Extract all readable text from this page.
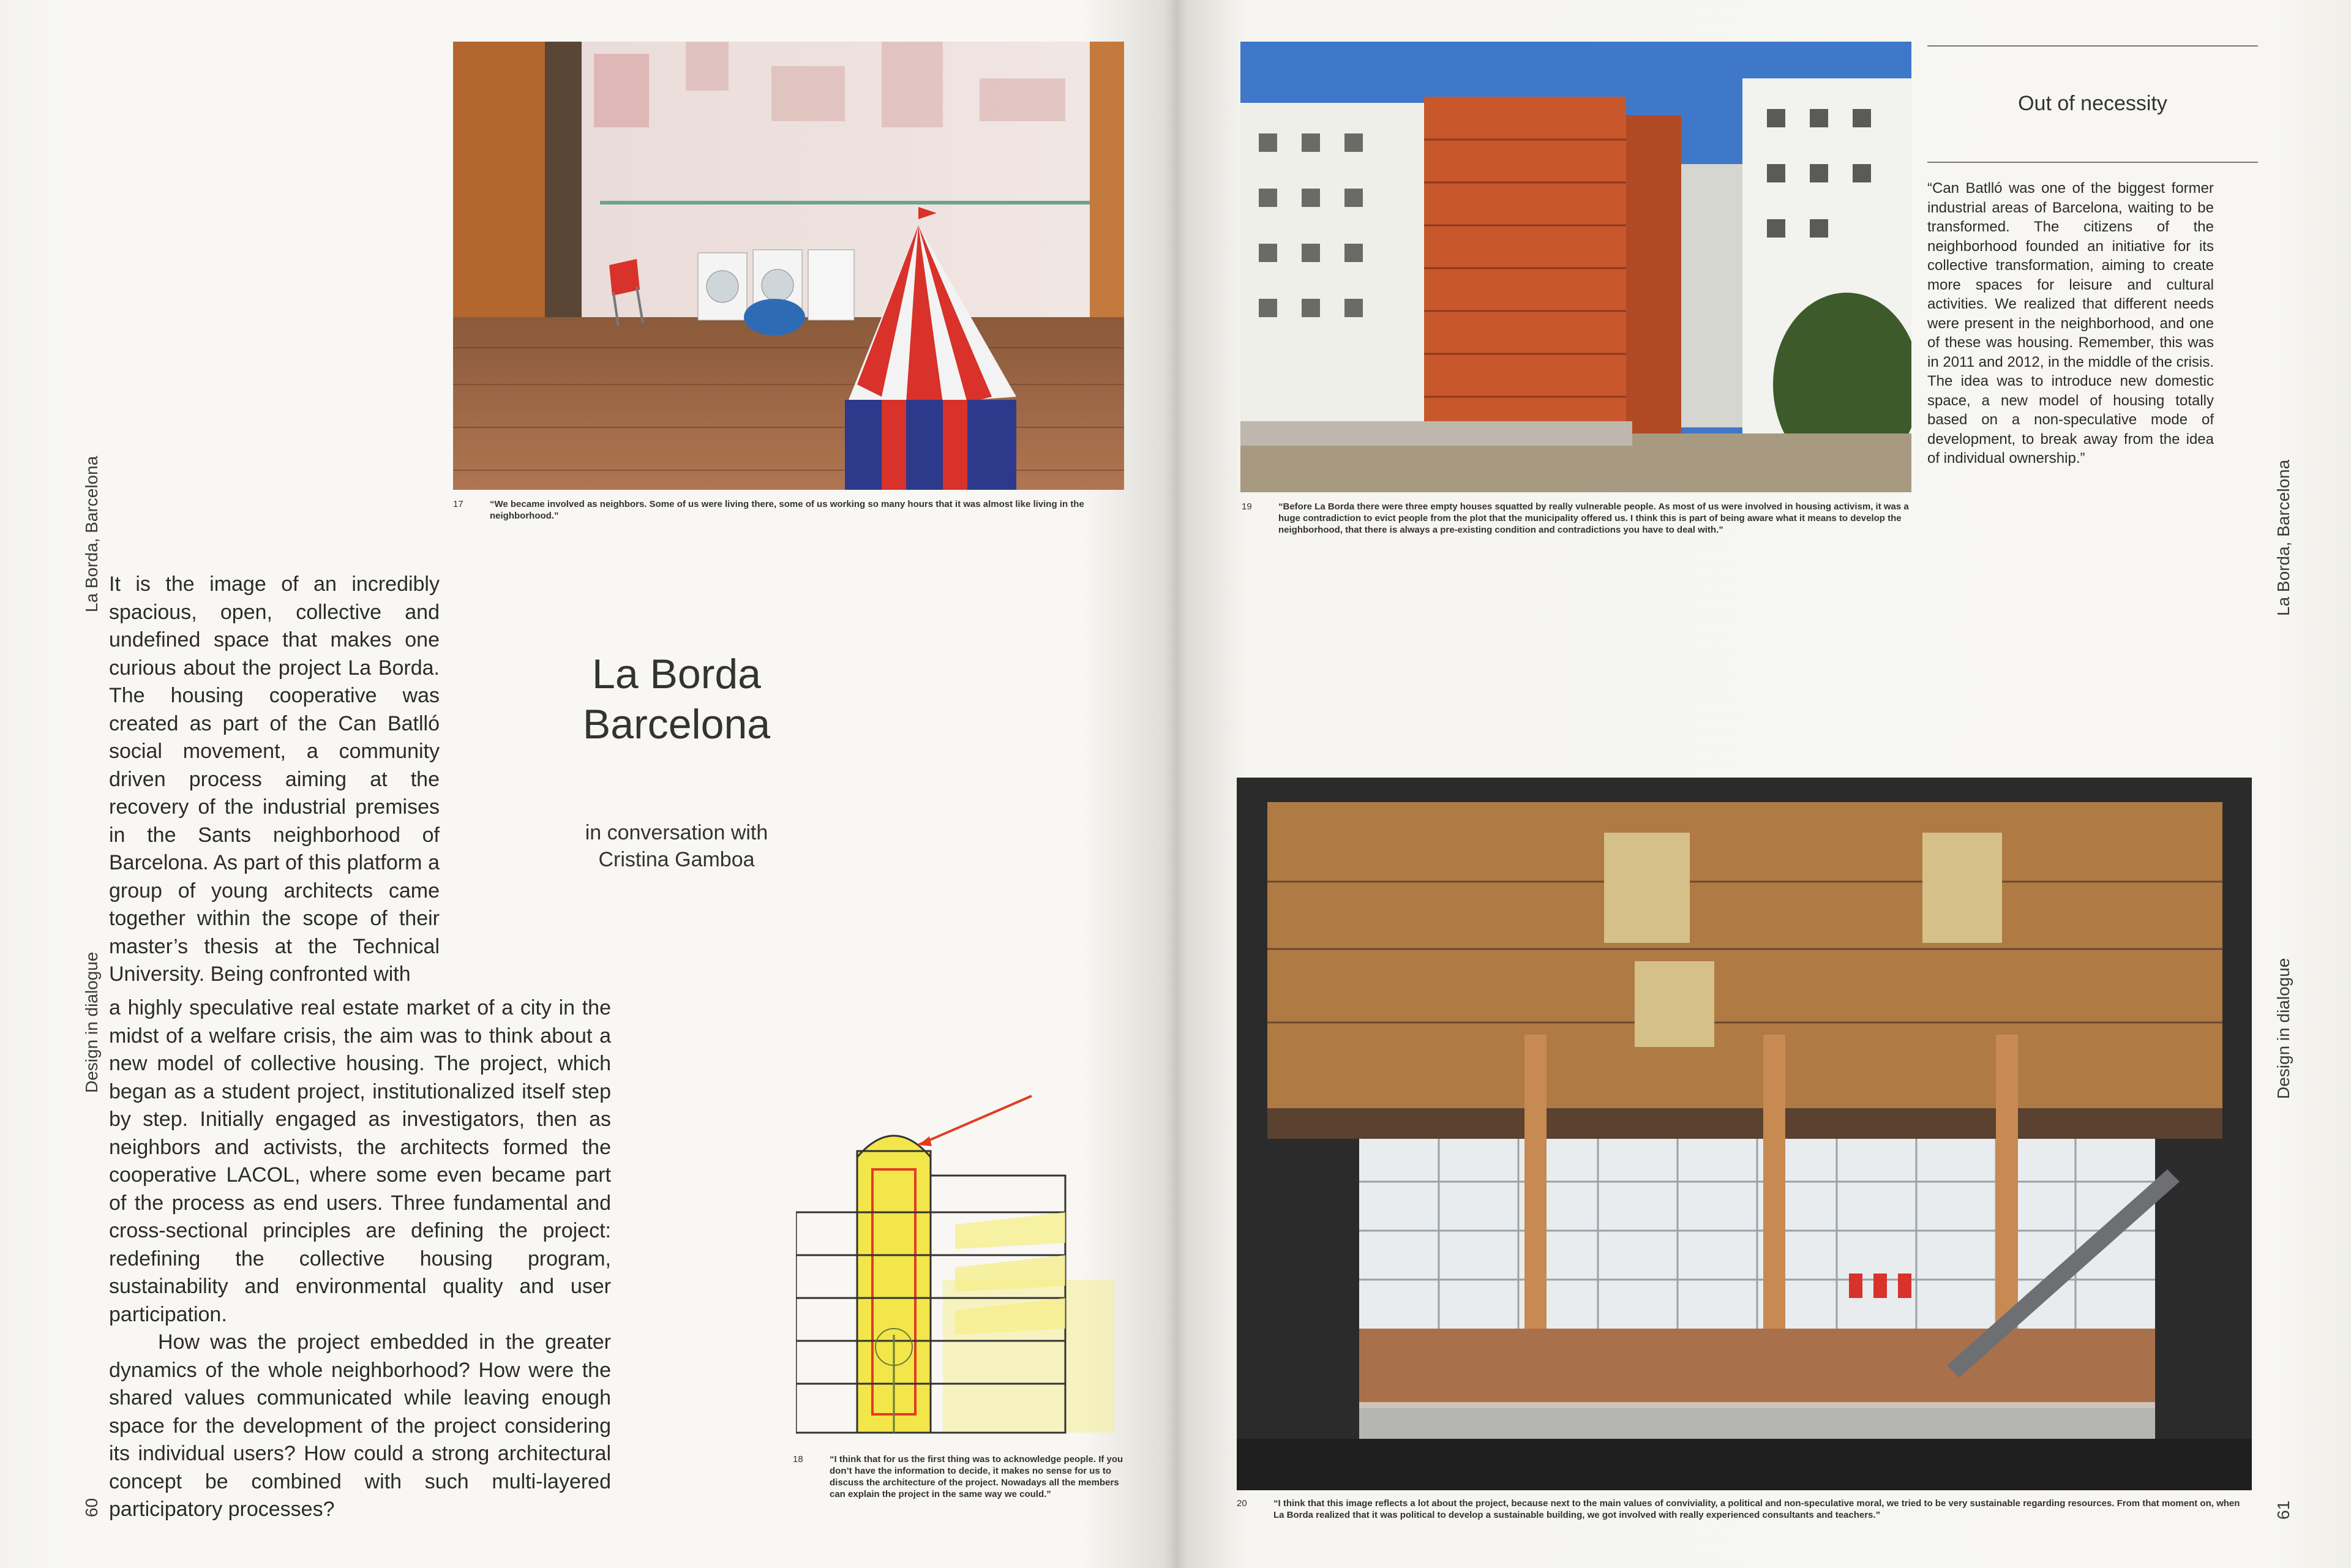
La Borda, Barcelona
Design in dialogue
60
17	“We became involved as neighbors. Some of us were living there, some of us working so many hours that it was almost like living in the neighborhood.”
La Borda
Barcelona
in conversation with
Cristina Gamboa
It is the image of an incredibly spacious, open, collective and undefined space that makes one curious about the project La Borda. The housing cooperative was created as part of the Can Batlló social movement, a community driven process aiming at the recovery of the industrial premises in the Sants neighborhood of Barcelona. As part of this platform a group of young architects came together within the scope of their master’s thesis at the Technical University. Being confronted with
a highly speculative real estate market of a city in the midst of a welfare crisis, the aim was to think about a new model of collective housing. The project, which began as a student project, institutionalized itself step by step. Initially engaged as investigators, then as neighbors and activists, the architects formed the cooperative LACOL, where some even became part of the process as end users. Three fundamental and cross-sectional principles are defining the project: redefining the collective housing program, sustainability and environmental quality and user participation.
How was the project embedded in the greater dynamics of the whole neighborhood? How were the shared values communicated while leaving enough space for the development of the project considering its individual users? How could a strong architectural concept be combined with such multi-layered participatory processes?
18	“I think that for us the first thing was to acknowledge people. If you don’t have the information to decide, it makes no sense for us to discuss the architecture of the project. Nowadays all the members can explain the project in the same way we could.”
La Borda, Barcelona
Design in dialogue
61
19	“Before La Borda there were three empty houses squatted by really vulnerable people. As most of us were involved in housing activism, it was a huge contradiction to evict people from the plot that the municipality offered us. I think this is part of being aware what it means to develop the neighborhood, that there is always a pre-existing condition and contradictions you have to deal with.”
Out of necessity
“Can Batlló was one of the biggest former industrial areas of Barcelona, waiting to be transformed. The citizens of the neighborhood founded an initiative for its collective transformation, aiming to create more spaces for leisure and cultural activities. We realized that different needs were present in the neighborhood, and one of these was housing. Remember, this was in 2011 and 2012, in the middle of the crisis. The idea was to introduce new domestic space, a new model of housing totally based on a non-speculative mode of development, to break away from the idea of individual ownership.”
20	“I think that this image reflects a lot about the project, because next to the main values of conviviality, a political and non-speculative moral, we tried to be very sustainable regarding resources. From that moment on, when La Borda realized that it was political to develop a sustainable building, we got involved with really experienced consultants and teachers.”
